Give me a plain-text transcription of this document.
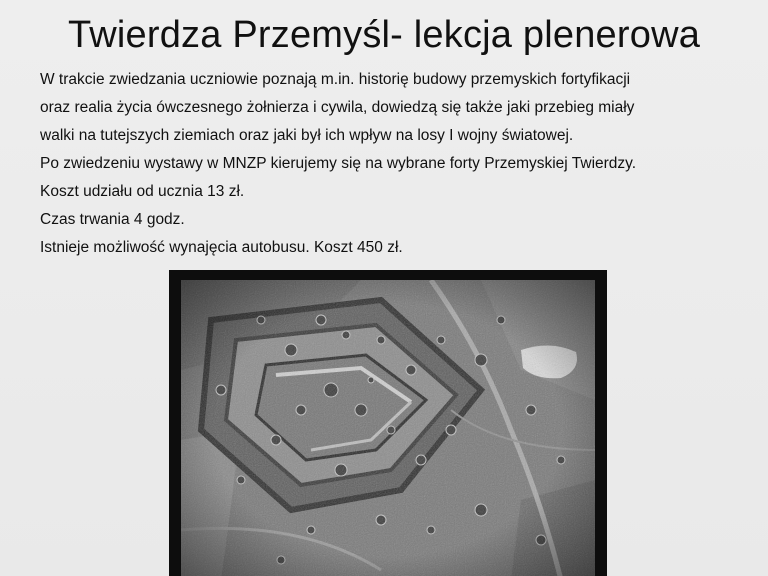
Twierdza Przemyśl- lekcja plenerowa
W trakcie zwiedzania uczniowie poznają m.in. historię budowy przemyskich fortyfikacji
oraz realia życia ówczesnego żołnierza i cywila, dowiedzą się także jaki przebieg miały
walki na tutejszych ziemiach oraz jaki był ich wpływ na losy I wojny światowej.
Po zwiedzeniu wystawy w MNZP kierujemy się na wybrane forty Przemyskiej Twierdzy.
Koszt udziału od ucznia 13 zł.
Czas trwania 4 godz.
Istnieje możliwość wynajęcia autobusu. Koszt 450 zł.
